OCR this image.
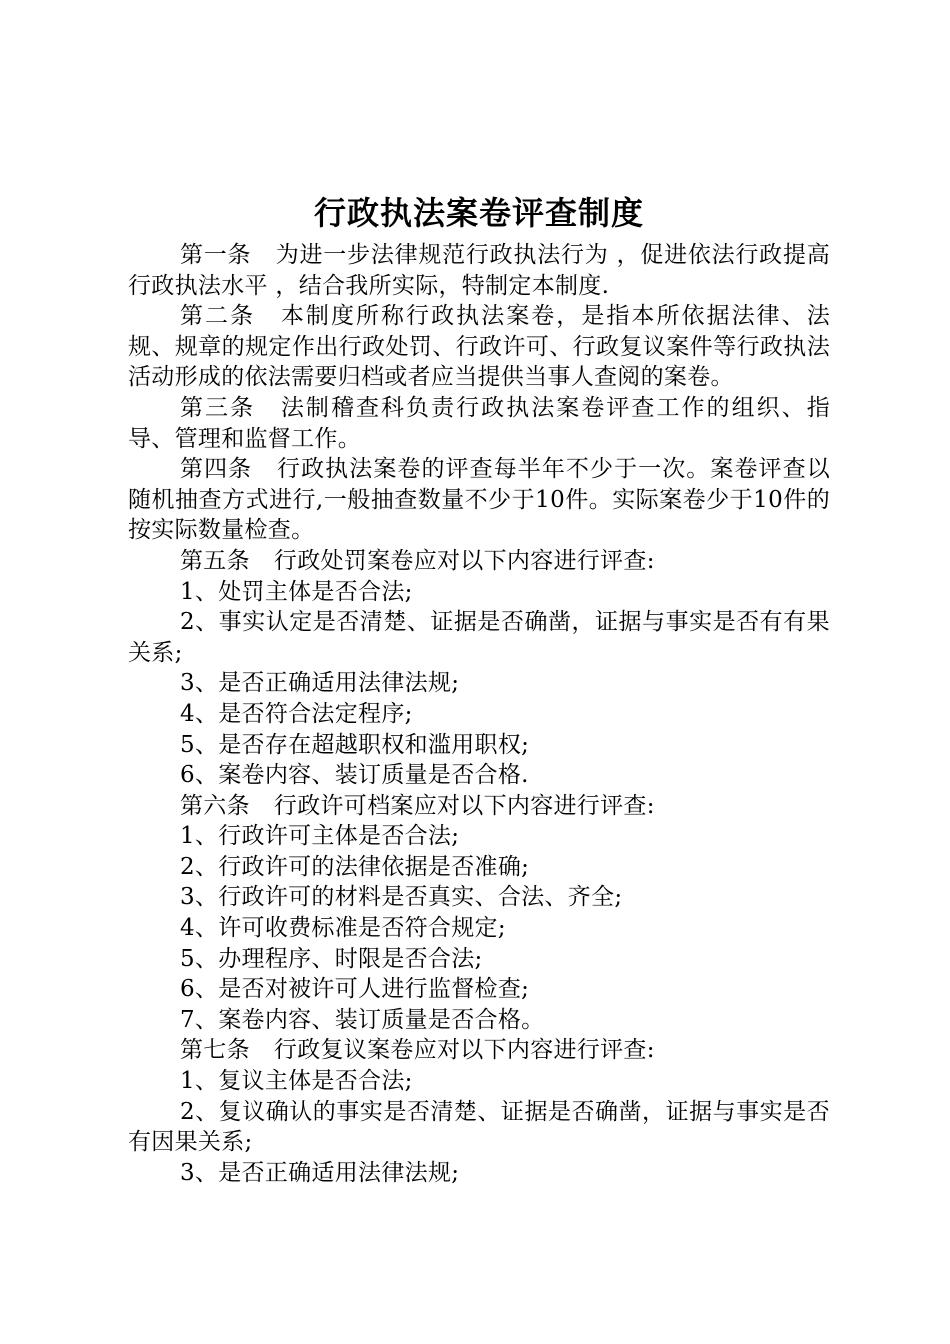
行政执法案卷评查制度

第一条 为进一步法律规范行政执法行为 ，促进依法行政提高行政执法水平 ，结合我所实际，特制定本制度.

第二条 本制度所称行政执法案卷，是指本所依据法律、法规、规章的规定作出行政处罚、行政许可、行政复议案件等行政执法活动形成的依法需要归档或者应当提供当事人查阅的案卷。

第三条 法制稽查科负责行政执法案卷评查工作的组织、指导、管理和监督工作。

第四条 行政执法案卷的评查每半年不少于一次。案卷评查以随机抽查方式进行,一般抽查数量不少于10件。实际案卷少于10件的按实际数量检查。

第五条 行政处罚案卷应对以下内容进行评查:

1、处罚主体是否合法;

2、事实认定是否清楚、证据是否确凿，证据与事实是否有有果关系;

3、是否正确适用法律法规;

4、是否符合法定程序;

5、是否存在超越职权和滥用职权;

6、案卷内容、装订质量是否合格.

第六条 行政许可档案应对以下内容进行评查:

1、行政许可主体是否合法;

2、行政许可的法律依据是否准确;

3、行政许可的材料是否真实、合法、齐全;

4、许可收费标准是否符合规定;

5、办理程序、时限是否合法;

6、是否对被许可人进行监督检查;

7、案卷内容、装订质量是否合格。

第七条 行政复议案卷应对以下内容进行评查:

1、复议主体是否合法;

2、复议确认的事实是否清楚、证据是否确凿，证据与事实是否有因果关系;

3、是否正确适用法律法规;
